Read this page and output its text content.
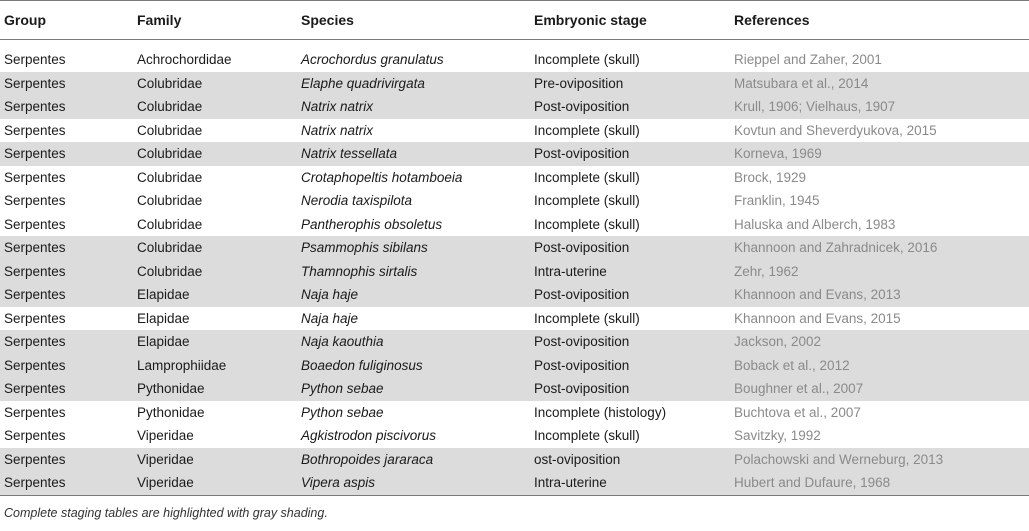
Group	Family	Species	Embryonic stage	References

Serpentes	Achrochordidae	Acrochordus granulatus	Incomplete (skull)	Rieppel and Zaher, 2001
Serpentes	Colubridae	Elaphe quadrivirgata	Pre-oviposition	Matsubara et al., 2014
Serpentes	Colubridae	Natrix natrix	Post-oviposition	Krull, 1906; Vielhaus, 1907
Serpentes	Colubridae	Natrix natrix	Incomplete (skull)	Kovtun and Sheverdyukova, 2015
Serpentes	Colubridae	Natrix tessellata	Post-oviposition	Korneva, 1969
Serpentes	Colubridae	Crotaphopeltis hotamboeia	Incomplete (skull)	Brock, 1929
Serpentes	Colubridae	Nerodia taxispilota	Incomplete (skull)	Franklin, 1945
Serpentes	Colubridae	Pantherophis obsoletus	Incomplete (skull)	Haluska and Alberch, 1983
Serpentes	Colubridae	Psammophis sibilans	Post-oviposition	Khannoon and Zahradnicek, 2016
Serpentes	Colubridae	Thamnophis sirtalis	Intra-uterine	Zehr, 1962
Serpentes	Elapidae	Naja haje	Post-oviposition	Khannoon and Evans, 2013
Serpentes	Elapidae	Naja haje	Incomplete (skull)	Khannoon and Evans, 2015
Serpentes	Elapidae	Naja kaouthia	Post-oviposition	Jackson, 2002
Serpentes	Lamprophiidae	Boaedon fuliginosus	Post-oviposition	Boback et al., 2012
Serpentes	Pythonidae	Python sebae	Post-oviposition	Boughner et al., 2007
Serpentes	Pythonidae	Python sebae	Incomplete (histology)	Buchtova et al., 2007
Serpentes	Viperidae	Agkistrodon piscivorus	Incomplete (skull)	Savitzky, 1992
Serpentes	Viperidae	Bothropoides jararaca	ost-oviposition	Polachowski and Werneburg, 2013
Serpentes	Viperidae	Vipera aspis	Intra-uterine	Hubert and Dufaure, 1968
Complete staging tables are highlighted with gray shading.
